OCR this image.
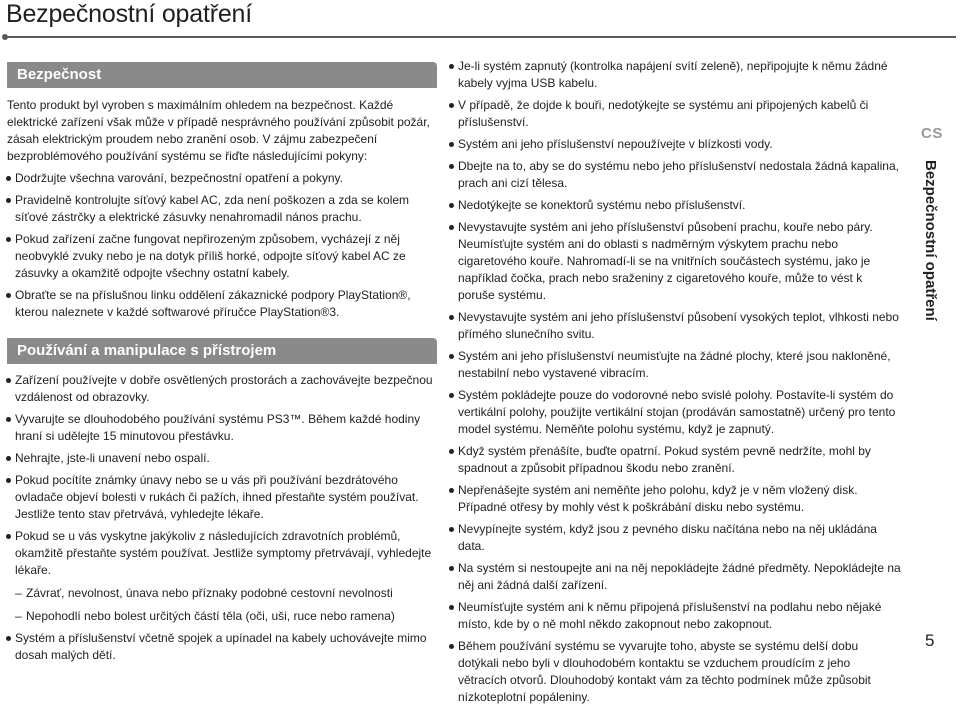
Bezpečnostní opatření
Bezpečnost

Tento produkt byl vyroben s maximálním ohledem na bezpečnost. Každé elektrické zařízení však může v případě nesprávného používání způsobit požár, zásah elektrickým proudem nebo zranění osob. V zájmu zabezpečení bezproblémového používání systému se řiďte následujícími pokyny:

Dodržujte všechna varování, bezpečnostní opatření a pokyny.
Pravidelně kontrolujte síťový kabel AC, zda není poškozen a zda se kolem síťové zástrčky a elektrické zásuvky nenahromadil nános prachu.
Pokud zařízení začne fungovat nepřirozeným způsobem, vycházejí z něj neobvyklé zvuky nebo je na dotyk příliš horké, odpojte síťový kabel AC ze zásuvky a okamžitě odpojte všechny ostatní kabely.
Obraťte se na příslušnou linku oddělení zákaznické podpory PlayStation®, kterou naleznete v každé softwarové příručce PlayStation®3.
Používání a manipulace s přístrojem
Zařízení používejte v dobře osvětlených prostorách a zachovávejte bezpečnou vzdálenost od obrazovky.
Vyvarujte se dlouhodobého používání systému PS3™. Během každé hodiny hraní si udělejte 15 minutovou přestávku.
Nehrajte, jste-li unavení nebo ospalí.
Pokud pocítíte známky únavy nebo se u vás při používání bezdrátového ovladače objeví bolesti v rukách či pažích, ihned přestaňte systém používat. Jestliže tento stav přetrvává, vyhledejte lékaře.
Pokud se u vás vyskytne jakýkoliv z následujících zdravotních problémů, okamžitě přestaňte systém používat. Jestliže symptomy přetrvávají, vyhledejte lékaře.
– Závrať, nevolnost, únava nebo příznaky podobné cestovní nevolnosti
– Nepohodlí nebo bolest určitých částí těla (oči, uši, ruce nebo ramena)
Systém a příslušenství včetně spojek a upínadel na kabely uchovávejte mimo dosah malých dětí.
Je-li systém zapnutý (kontrolka napájení svítí zeleně), nepřipojujte k němu žádné kabely vyjma USB kabelu.
V případě, že dojde k bouři, nedotýkejte se systému ani připojených kabelů či příslušenství.
Systém ani jeho příslušenství nepoužívejte v blízkosti vody.
Dbejte na to, aby se do systému nebo jeho příslušenství nedostala žádná kapalina, prach ani cizí tělesa.
Nedotýkejte se konektorů systému nebo příslušenství.
Nevystavujte systém ani jeho příslušenství působení prachu, kouře nebo páry. Neumísťujte systém ani do oblasti s nadměrným výskytem prachu nebo cigaretového kouře. Nahromadí-li se na vnitřních součástech systému, jako je například čočka, prach nebo sraženiny z cigaretového kouře, může to vést k poruše systému.
Nevystavujte systém ani jeho příslušenství působení vysokých teplot, vlhkosti nebo přímého slunečního svitu.
Systém ani jeho příslušenství neumisťujte na žádné plochy, které jsou nakloněné, nestabilní nebo vystavené vibracím.
Systém pokládejte pouze do vodorovné nebo svislé polohy. Postavíte-li systém do vertikální polohy, použijte vertikální stojan (prodáván samostatně) určený pro tento model systému. Neměňte polohu systému, když je zapnutý.
Když systém přenášíte, buďte opatrní. Pokud systém pevně nedržíte, mohl by spadnout a způsobit případnou škodu nebo zranění.
Nepřenášejte systém ani neměňte jeho polohu, když je v něm vložený disk. Případné otřesy by mohly vést k poškrábání disku nebo systému.
Nevypínejte systém, když jsou z pevného disku načítána nebo na něj ukládána data.
Na systém si nestoupejte ani na něj nepokládejte žádné předměty. Nepokládejte na něj ani žádná další zařízení.
Neumísťujte systém ani k němu připojená příslušenství na podlahu nebo nějaké místo, kde by o ně mohl někdo zakopnout nebo zakopnout.
Během používání systému se vyvarujte toho, abyste se systému delší dobu dotýkali nebo byli v dlouhodobém kontaktu se vzduchem proudícím z jeho větracích otvorů. Dlouhodobý kontakt vám za těchto podmínek může způsobit nízkoteplotní popáleniny.
CS
Bezpečnostní opatření
5
